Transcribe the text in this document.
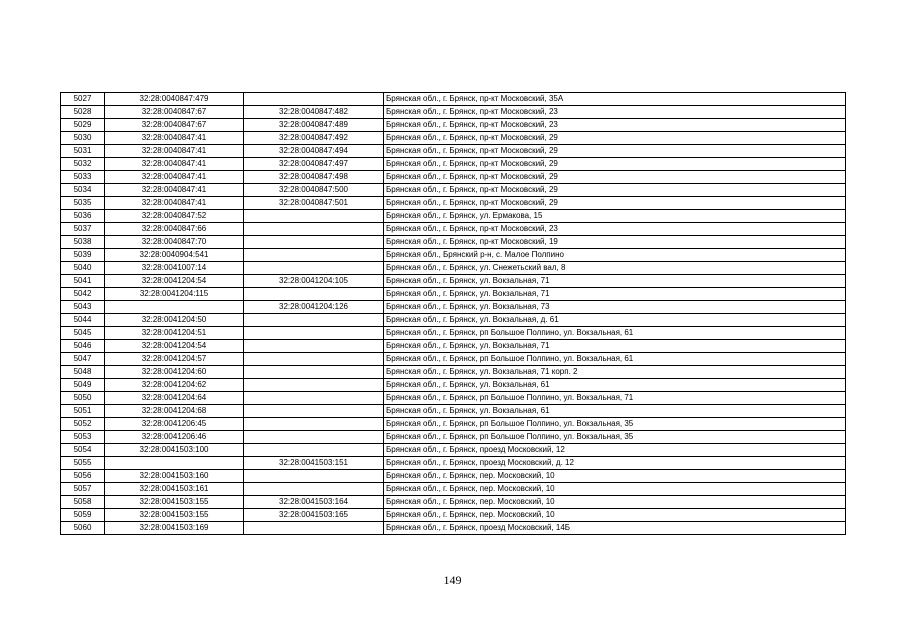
5027	32:28:0040847:479		Брянская обл., г. Брянск, пр-кт Московский, 35А
5028	32:28:0040847:67	32:28:0040847:482	Брянская обл., г. Брянск, пр-кт Московский, 23
5029	32:28:0040847:67	32:28:0040847:489	Брянская обл., г. Брянск, пр-кт Московский, 23
5030	32:28:0040847:41	32:28:0040847:492	Брянская обл., г. Брянск, пр-кт Московский, 29
5031	32:28:0040847:41	32:28:0040847:494	Брянская обл., г. Брянск, пр-кт Московский, 29
5032	32:28:0040847:41	32:28:0040847:497	Брянская обл., г. Брянск, пр-кт Московский, 29
5033	32:28:0040847:41	32:28:0040847:498	Брянская обл., г. Брянск, пр-кт Московский, 29
5034	32:28:0040847:41	32:28:0040847:500	Брянская обл., г. Брянск, пр-кт Московский, 29
5035	32:28:0040847:41	32:28:0040847:501	Брянская обл., г. Брянск, пр-кт Московский, 29
5036	32:28:0040847:52		Брянская обл., г. Брянск, ул. Ермакова, 15
5037	32:28:0040847:66		Брянская обл., г. Брянск, пр-кт Московский, 23
5038	32:28:0040847:70		Брянская обл., г. Брянск, пр-кт Московский, 19
5039	32:28:0040904:541		Брянская обл., Брянский р-н, с. Малое Полпино
5040	32:28:0041007:14		Брянская обл., г. Брянск, ул. Снежетьский вал, 8
5041	32:28:0041204:54	32:28:0041204:105	Брянская обл., г. Брянск, ул. Вокзальная, 71
5042	32:28:0041204:115		Брянская обл., г. Брянск, ул. Вокзальная, 71
5043		32:28:0041204:126	Брянская обл., г. Брянск, ул. Вокзальная, 73
5044	32:28:0041204:50		Брянская обл., г. Брянск, ул. Вокзальная, д. 61
5045	32:28:0041204:51		Брянская обл., г. Брянск, рп Большое Полпино, ул. Вокзальная, 61
5046	32:28:0041204:54		Брянская обл., г. Брянск, ул. Вокзальная, 71
5047	32:28:0041204:57		Брянская обл., г. Брянск, рп Большое Полпино, ул. Вокзальная, 61
5048	32:28:0041204:60		Брянская обл., г. Брянск, ул. Вокзальная, 71 корп. 2
5049	32:28:0041204:62		Брянская обл., г. Брянск, ул. Вокзальная, 61
5050	32:28:0041204:64		Брянская обл., г. Брянск, рп Большое Полпино, ул. Вокзальная, 71
5051	32:28:0041204:68		Брянская обл., г. Брянск, ул. Вокзальная, 61
5052	32:28:0041206:45		Брянская обл., г. Брянск, рп Большое Полпино, ул. Вокзальная, 35
5053	32:28:0041206:46		Брянская обл., г. Брянск, рп Большое Полпино, ул. Вокзальная, 35
5054	32:28:0041503:100		Брянская обл., г. Брянск, проезд Московский, 12
5055		32:28:0041503:151	Брянская обл., г. Брянск, проезд Московский, д. 12
5056	32:28:0041503:160		Брянская обл., г. Брянск, пер. Московский, 10
5057	32:28:0041503:161		Брянская обл., г. Брянск, пер. Московский, 10
5058	32:28:0041503:155	32:28:0041503:164	Брянская обл., г. Брянск, пер. Московский, 10
5059	32:28:0041503:155	32:28:0041503:165	Брянская обл., г. Брянск, пер. Московский, 10
5060	32:28:0041503:169		Брянская обл., г. Брянск, проезд Московский, 14Б
149
